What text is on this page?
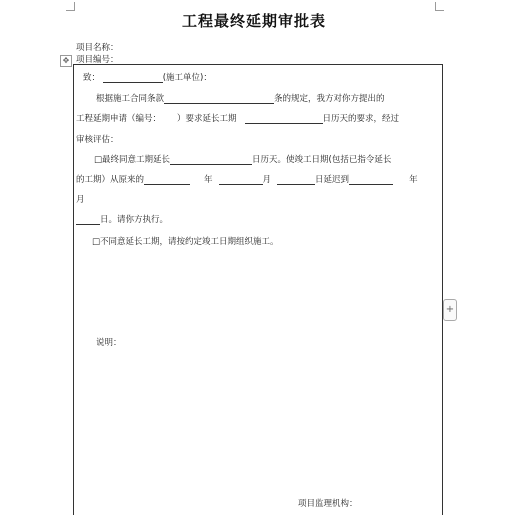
工程最终延期审批表
项目名称：
项目编号：
✥
致：	(施工单位)：
根据施工合同条款	条的规定，我方对你方提出的
工程延期申请（编号： ）要求延长工期	日历天的要求，经过
审核评估：
□最终同意工期延长	日历天。使竣工日期(包括已指令延长
的工期）从原来的	年	月	日延迟到	年
月
日。请你方执行。
□不同意延长工期，请按约定竣工日期组织施工。
说明：
项目监理机构：
+
